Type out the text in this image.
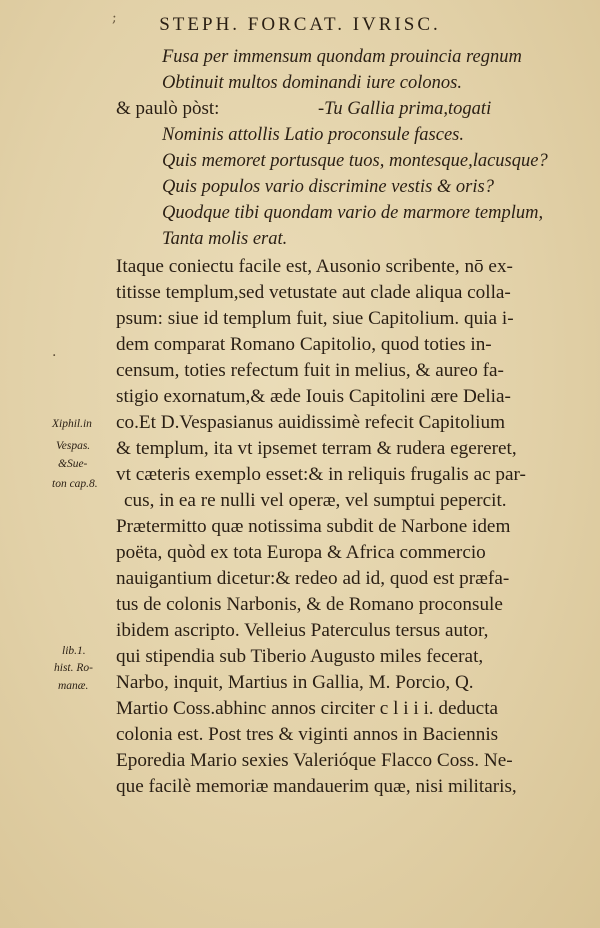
;	STEPH. FORCAT. IVRISC.
Fusa per immensum quondam prouincia regnum
Obtinuit multos dominandi iure colonos.
& paulò pòst:	-Tu Gallia prima,togati
Nominis attollis Latio proconsule fasces.
Quis memoret portusque tuos, montesque,lacusque?
Quis populos vario discrimine vestis & oris?
Quodque tibi quondam vario de marmore templum,
Tanta molis erat.
Itaque coniectu facile est, Ausonio scribente, nō ex-
titisse templum,sed vetustate aut clade aliqua colla-
psum: siue id templum fuit, siue Capitolium. quia i-
dem comparat Romano Capitolio, quod toties in-
censum, toties refectum fuit in melius, & aureo fa-
stigio exornatum,& æde Iouis Capitolini ære Delia-
co.Et D.Vespasianus auidissimè refecit Capitolium
& templum, ita vt ipsemet terram & rudera egereret,
vt cæteris exemplo esset:& in reliquis frugalis ac par-
cus, in ea re nulli vel operæ, vel sumptui pepercit.
Prætermitto quæ notissima subdit de Narbone idem
poëta, quòd ex tota Europa & Africa commercio
nauigantium dicetur:& redeo ad id, quod est præfa-
tus de colonis Narbonis, & de Romano proconsule
ibidem ascripto. Velleius Paterculus tersus autor,
qui stipendia sub Tiberio Augusto miles fecerat,
Narbo, inquit, Martius in Gallia, M. Porcio, Q.
Martio Coss.abhinc annos circiter c l i i i. deducta
colonia est. Post tres & viginti annos in Baciennis
Eporedia Mario sexies Valerióque Flacco Coss. Ne-
que facilè memoriæ mandauerim quæ, nisi militaris,
Xiphil.in
Vespas.
&Sue-
ton cap.8.
lib.1.
hist. Ro-
manæ.
·
